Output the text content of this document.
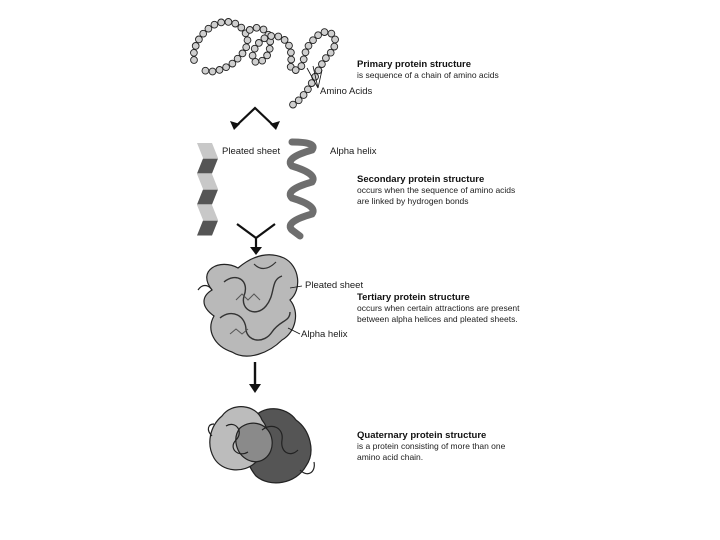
Primary protein structure
is sequence of a chain of amino acids
Amino Acids
Pleated sheet	Alpha helix
Secondary protein structure
occurs when the sequence of amino acids
are linked by hydrogen bonds
Pleated sheet
Tertiary protein structure
occurs when certain attractions are present
between alpha helices and pleated sheets.
Alpha helix
Quaternary protein structure
is a protein consisting of more than one
amino acid chain.
